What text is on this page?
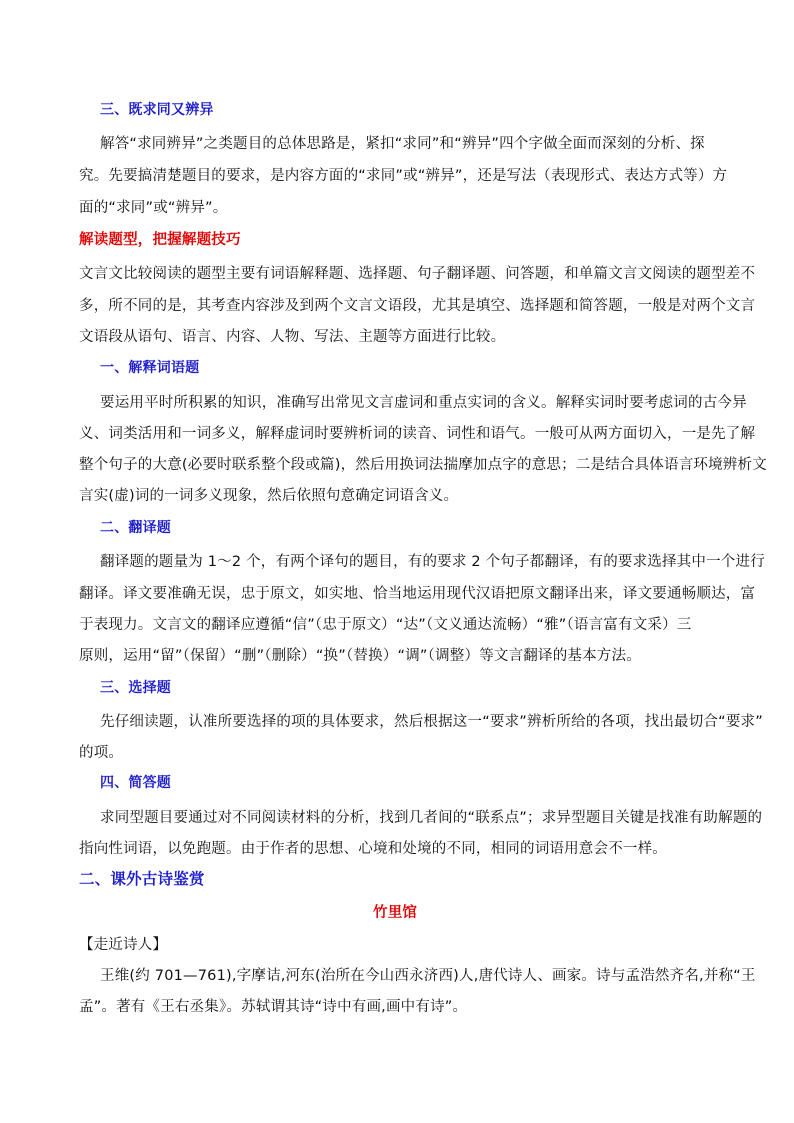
三、既求同又辨异
解答“求同辨异”之类题目的总体思路是，紧扣“求同”和“辨异”四个字做全面而深刻的分析、探
究。先要搞清楚题目的要求，是内容方面的“求同”或“辨异”，还是写法（表现形式、表达方式等）方
面的“求同”或“辨异”。
解读题型，把握解题技巧
文言文比较阅读的题型主要有词语解释题、选择题、句子翻译题、问答题，和单篇文言文阅读的题型差不
多，所不同的是，其考查内容涉及到两个文言文语段，尤其是填空、选择题和简答题，一般是对两个文言
文语段从语句、语言、内容、人物、写法、主题等方面进行比较。
一、解释词语题
要运用平时所积累的知识，准确写出常见文言虚词和重点实词的含义。解释实词时要考虑词的古今异
义、词类活用和一词多义，解释虚词时要辨析词的读音、词性和语气。一般可从两方面切入，一是先了解
整个句子的大意(必要时联系整个段或篇)，然后用换词法揣摩加点字的意思；二是结合具体语言环境辨析文
言实(虚)词的一词多义现象，然后依照句意确定词语含义。
二、翻译题
翻译题的题量为 1～2 个，有两个译句的题目，有的要求 2 个句子都翻译，有的要求选择其中一个进行
翻译。译文要准确无误，忠于原文，如实地、恰当地运用现代汉语把原文翻译出来，译文要通畅顺达，富
于表现力。文言文的翻译应遵循“信”（忠于原文）“达”（文义通达流畅）“雅”（语言富有文采）三
原则，运用“留”（保留）“删”（删除）“换”（替换）“调”（调整）等文言翻译的基本方法。
三、选择题
先仔细读题，认准所要选择的项的具体要求，然后根据这一“要求”辨析所给的各项，找出最切合“要求”
的项。
四、简答题
求同型题目要通过对不同阅读材料的分析，找到几者间的“联系点”；求异型题目关键是找准有助解题的
指向性词语，以免跑题。由于作者的思想、心境和处境的不同，相同的词语用意会不一样。
二、课外古诗鉴赏
竹里馆
【走近诗人】
王维(约 701—761),字摩诘,河东(治所在今山西永济西)人,唐代诗人、画家。诗与孟浩然齐名,并称“王
孟”。著有《王右丞集》。苏轼谓其诗“诗中有画,画中有诗”。
